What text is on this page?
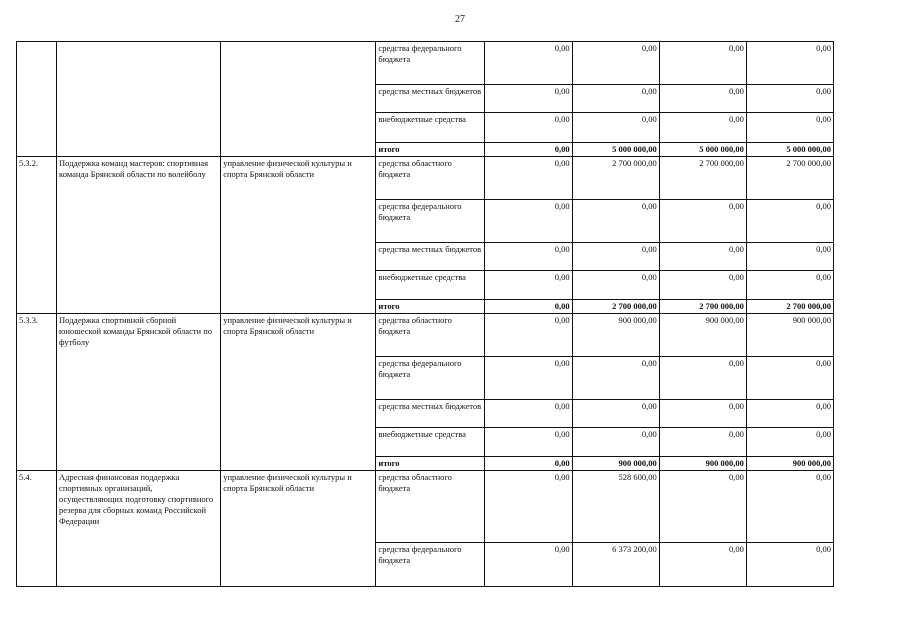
27
			средства федерального бюджета	0,00	0,00	0,00	0,00
			средства местных бюджетов	0,00	0,00	0,00	0,00
			внебюджетные средства	0,00	0,00	0,00	0,00
			итого	0,00	5 000 000,00	5 000 000,00	5 000 000,00
5.3.2.	Поддержка команд мастеров: спортивная команда Брянской области по волейболу	управление физической культуры и спорта Брянской области	средства областного бюджета	0,00	2 700 000,00	2 700 000,00	2 700 000,00
			средства федерального бюджета	0,00	0,00	0,00	0,00
			средства местных бюджетов	0,00	0,00	0,00	0,00
			внебюджетные средства	0,00	0,00	0,00	0,00
			итого	0,00	2 700 000,00	2 700 000,00	2 700 000,00
5.3.3.	Поддержка спортивной сборной юношеской команды Брянской области по футболу	управление физической культуры и спорта Брянской области	средства областного бюджета	0,00	900 000,00	900 000,00	900 000,00
			средства федерального бюджета	0,00	0,00	0,00	0,00
			средства местных бюджетов	0,00	0,00	0,00	0,00
			внебюджетные средства	0,00	0,00	0,00	0,00
			итого	0,00	900 000,00	900 000,00	900 000,00
5.4.	Адресная финансовая поддержка спортивных организаций, осуществляющих подготовку спортивного резерва для сборных команд Российской Федерации	управление физической культуры и спорта Брянской области	средства областного бюджета	0,00	528 600,00	0,00	0,00
			средства федерального бюджета	0,00	6 373 200,00	0,00	0,00
